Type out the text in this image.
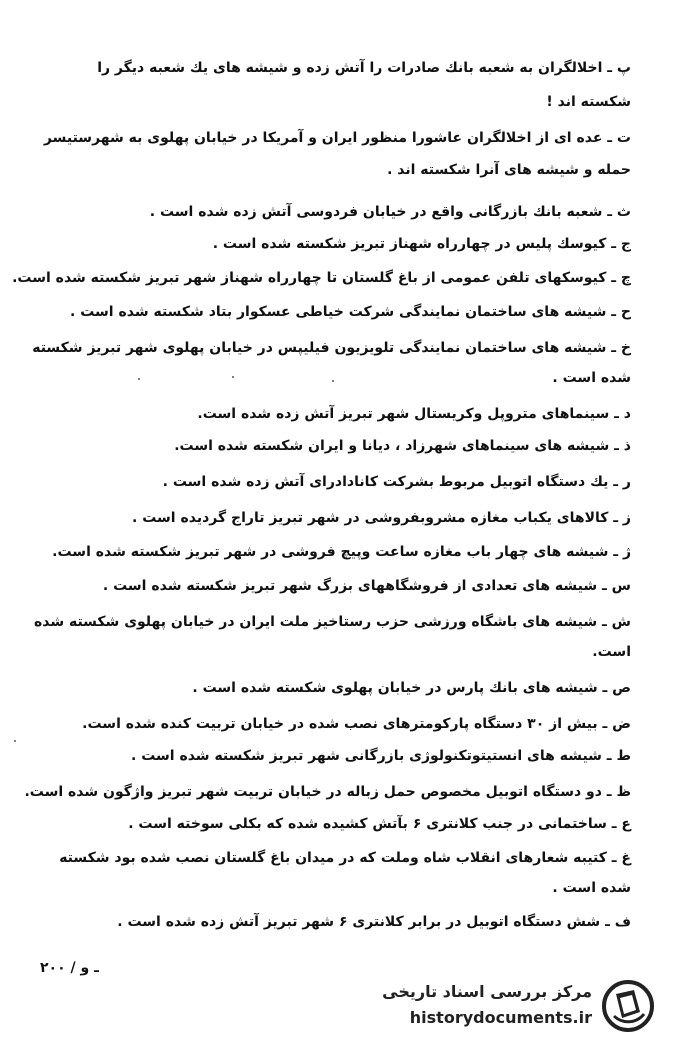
پ ـ اخلالگران به شعبه بانك صادرات را آتش زده و شیشه های یك شعبه دیگر را
شكسته اند !
ت ـ عده ای از اخلالگران عاشورا منظور ایران و آمریکا در خیابان پهلوی به شهرستیسر
حمله و شیشه های آنرا شکسته اند .
ث ـ شعبه بانك بازرگانی واقع در خیابان فردوسی آتش زده شده است .
ج ـ کیوسك پلیس در چهارراه شهناز تبریز شکسته شده است .
چ ـ کیوسکهای تلفن عمومی از باغ گلستان تا چهارراه شهناز شهر تبریز شکسته شده است.
ح ـ شیشه های ساختمان نمایندگی شرکت خیاطی عسکوار بتاد شکسته شده است .
خ ـ شیشه های ساختمان نمایندگی تلویزیون فیلیپس در خیابان پهلوی شهر تبریز شکسته
شده است .
د ـ سینماهای متروپل وکریستال شهر تبریز آتش زده شده است.
ذ ـ شیشه های سینماهای شهرزاد ، دیانا و ایران شکسته شده است.
ر ـ یك دستگاه اتوبیل مربوط بشرکت کانادادرای آتش زده شده است .
ز ـ کالاهای یکباب مغازه مشروبفروشی در شهر تبریز تاراج گردیده است .
ژ ـ شیشه های چهار باب مغازه ساعت وپیچ فروشی در شهر تبریز شکسته شده است.
س ـ شیشه های تعدادی از فروشگاههای بزرگ شهر تبریز شکسته شده است .
ش ـ شیشه های باشگاه ورزشی حزب رستاخیز ملت ایران در خیابان پهلوی شکسته شده
است.
ص ـ شیشه های بانك پارس در خیابان پهلوی شکسته شده است .
ض ـ بیش از ۳۰ دستگاه پارکومترهای نصب شده در خیابان تربیت کنده شده است.
ط ـ شیشه های انستیتوتکنولوژی بازرگانی شهر تبریز شکسته شده است .
ظ ـ دو دستگاه اتوبیل مخصوص حمل زباله در خیابان تربیت شهر تبریز واژگون شده است.
ع ـ ساختمانی در جنب کلانتری ۶ بآتش کشیده شده که بکلی سوخته است .
غ ـ کتیبه شعارهای انقلاب شاه وملت که در میدان باغ گلستان نصب شده بود شکسته
شده است .
ف ـ شش دستگاه اتوبیل در برابر کلانتری ۶ شهر تبریز آتش زده شده است .
۲۰۰ / ـ و
مرکز بررسی اسناد تاریخی
historydocuments.ir
